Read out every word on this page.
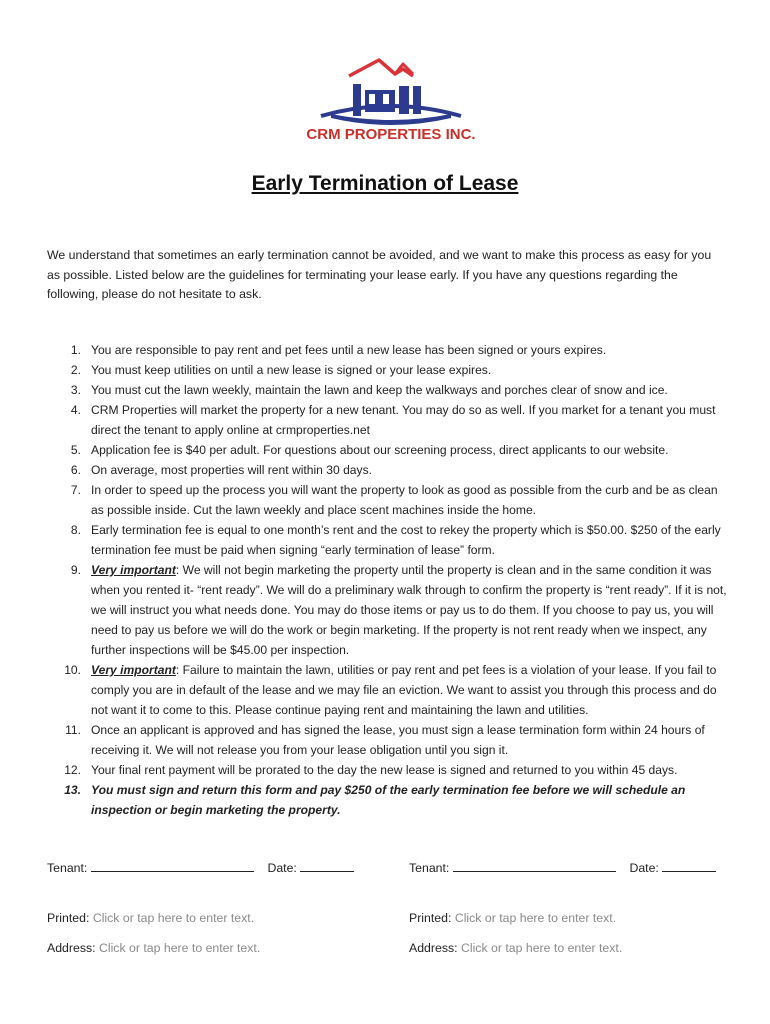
CRM PROPERTIES INC.
Early Termination of Lease
We understand that sometimes an early termination cannot be avoided, and we want to make this process as easy for you as possible. Listed below are the guidelines for terminating your lease early. If you have any questions regarding the following, please do not hesitate to ask.
1. You are responsible to pay rent and pet fees until a new lease has been signed or yours expires.
2. You must keep utilities on until a new lease is signed or your lease expires.
3. You must cut the lawn weekly, maintain the lawn and keep the walkways and porches clear of snow and ice.
4. CRM Properties will market the property for a new tenant. You may do so as well. If you market for a tenant you must direct the tenant to apply online at crmproperties.net
5. Application fee is $40 per adult. For questions about our screening process, direct applicants to our website.
6. On average, most properties will rent within 30 days.
7. In order to speed up the process you will want the property to look as good as possible from the curb and be as clean as possible inside. Cut the lawn weekly and place scent machines inside the home.
8. Early termination fee is equal to one month’s rent and the cost to rekey the property which is $50.00. $250 of the early termination fee must be paid when signing “early termination of lease” form.
9. Very important: We will not begin marketing the property until the property is clean and in the same condition it was when you rented it- “rent ready”. We will do a preliminary walk through to confirm the property is “rent ready”. If it is not, we will instruct you what needs done. You may do those items or pay us to do them. If you choose to pay us, you will need to pay us before we will do the work or begin marketing. If the property is not rent ready when we inspect, any further inspections will be $45.00 per inspection.
10. Very important: Failure to maintain the lawn, utilities or pay rent and pet fees is a violation of your lease. If you fail to comply you are in default of the lease and we may file an eviction. We want to assist you through this process and do not want it to come to this. Please continue paying rent and maintaining the lawn and utilities.
11. Once an applicant is approved and has signed the lease, you must sign a lease termination form within 24 hours of receiving it. We will not release you from your lease obligation until you sign it.
12. Your final rent payment will be prorated to the day the new lease is signed and returned to you within 45 days.
13. You must sign and return this form and pay $250 of the early termination fee before we will schedule an inspection or begin marketing the property.
Tenant:	Date:	Tenant:	Date:
Printed: Click or tap here to enter text.	Printed: Click or tap here to enter text.
Address: Click or tap here to enter text.	Address: Click or tap here to enter text.
